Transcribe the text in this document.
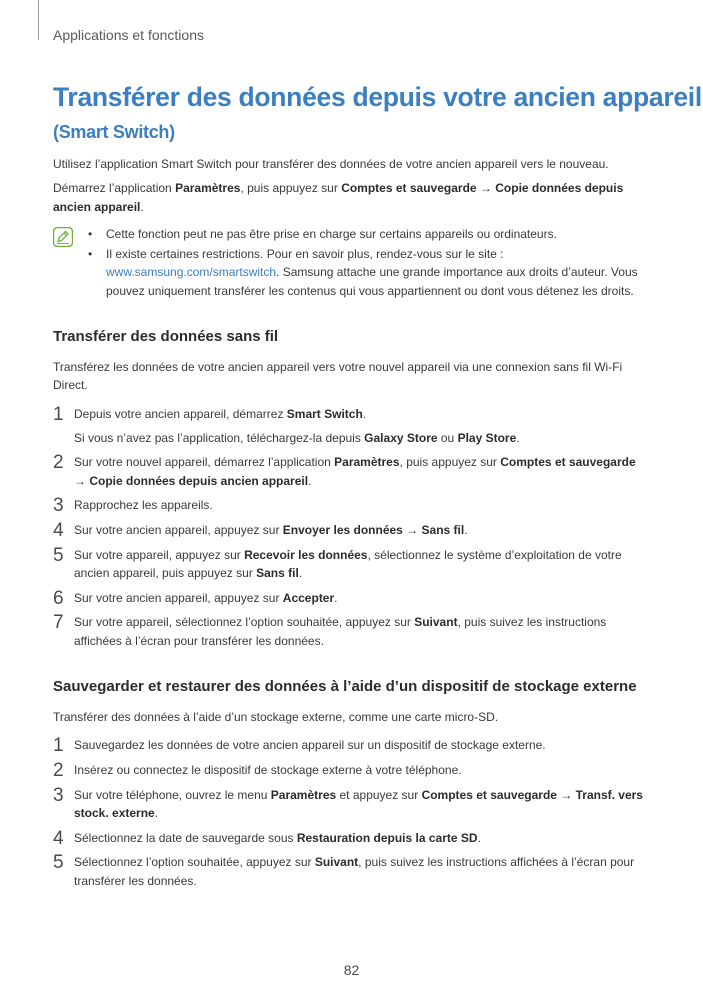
Applications et fonctions
Transférer des données depuis votre ancien appareil
(Smart Switch)

Utilisez l’application Smart Switch pour transférer des données de votre ancien appareil vers le nouveau.

Démarrez l’application Paramètres, puis appuyez sur Comptes et sauvegarde → Copie données depuis ancien appareil.

• Cette fonction peut ne pas être prise en charge sur certains appareils ou ordinateurs.
• Il existe certaines restrictions. Pour en savoir plus, rendez-vous sur le site : www.samsung.com/smartswitch. Samsung attache une grande importance aux droits d’auteur. Vous pouvez uniquement transférer les contenus qui vous appartiennent ou dont vous détenez les droits.
Transférer des données sans fil

Transférez les données de votre ancien appareil vers votre nouvel appareil via une connexion sans fil Wi-Fi Direct.

1 Depuis votre ancien appareil, démarrez Smart Switch.
Si vous n’avez pas l’application, téléchargez-la depuis Galaxy Store ou Play Store.
2 Sur votre nouvel appareil, démarrez l’application Paramètres, puis appuyez sur Comptes et sauvegarde → Copie données depuis ancien appareil.
3 Rapprochez les appareils.
4 Sur votre ancien appareil, appuyez sur Envoyer les données → Sans fil.
5 Sur votre appareil, appuyez sur Recevoir les données, sélectionnez le système d’exploitation de votre ancien appareil, puis appuyez sur Sans fil.
6 Sur votre ancien appareil, appuyez sur Accepter.
7 Sur votre appareil, sélectionnez l’option souhaitée, appuyez sur Suivant, puis suivez les instructions affichées à l’écran pour transférer les données.
Sauvegarder et restaurer des données à l’aide d’un dispositif de stockage externe

Transférer des données à l’aide d’un stockage externe, comme une carte micro-SD.

1 Sauvegardez les données de votre ancien appareil sur un dispositif de stockage externe.
2 Insérez ou connectez le dispositif de stockage externe à votre téléphone.
3 Sur votre téléphone, ouvrez le menu Paramètres et appuyez sur Comptes et sauvegarde → Transf. vers stock. externe.
4 Sélectionnez la date de sauvegarde sous Restauration depuis la carte SD.
5 Sélectionnez l’option souhaitée, appuyez sur Suivant, puis suivez les instructions affichées à l’écran pour transférer les données.
82
